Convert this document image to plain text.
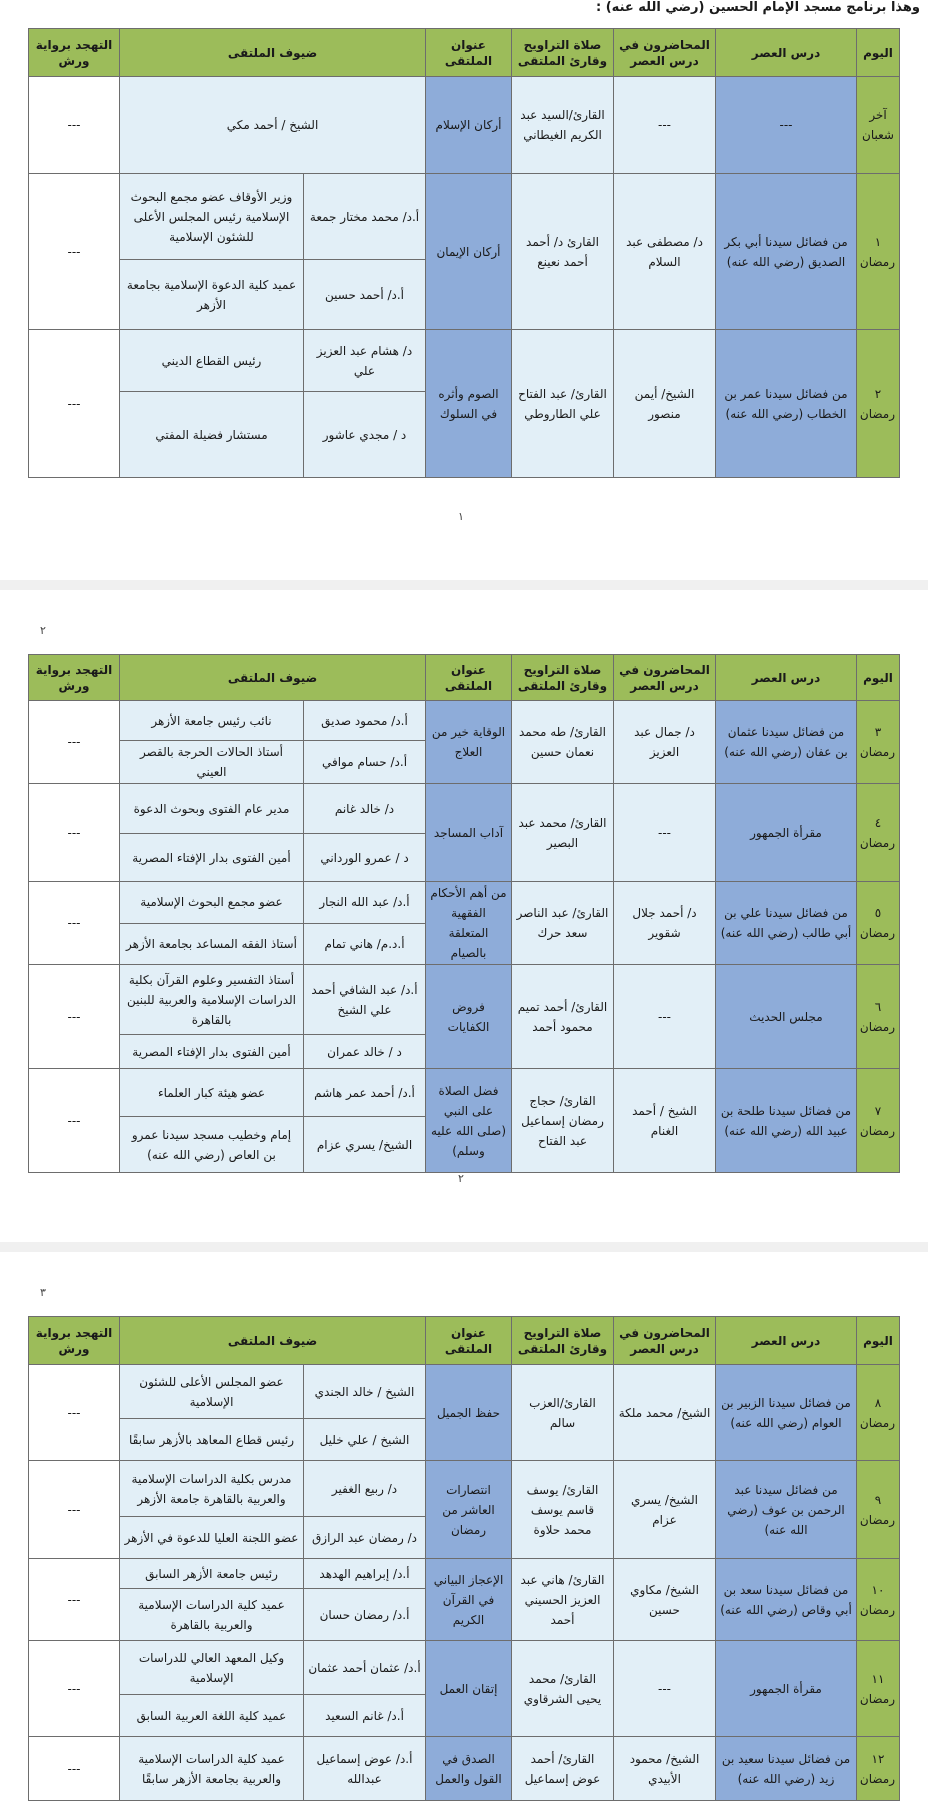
وهذا برنامج مسجد الإمام الحسين (رضي الله عنه) :
اليوم	درس العصر	المحاضرون في درس العصر	صلاة التراويح وقارئ الملتقى	عنوان الملتقى	ضيوف الملتقى		التهجد برواية ورش
آخر شعبان	---	---	القارئ/السيد عبد الكريم الغيطاني	أركان الإسلام	الشيخ / أحمد مكي		---
١ رمضان	من فضائل سيدنا أبي بكر الصديق (رضي الله عنه)	د/ مصطفى عبد السلام	القارئ د/ أحمد أحمد نعينع	أركان الإيمان	أ.د/ محمد مختار جمعة	وزير الأوقاف عضو مجمع البحوث الإسلامية رئيس المجلس الأعلى للشئون الإسلامية	---
					أ.د/ أحمد حسين	عميد كلية الدعوة الإسلامية بجامعة الأزهر	
٢ رمضان	من فضائل سيدنا عمر بن الخطاب (رضي الله عنه)	الشيخ/ أيمن منصور	القارئ/ عبد الفتاح علي الطاروطي	الصوم وأثره في السلوك	د/ هشام عبد العزيز علي	رئيس القطاع الديني	---
					د / مجدي عاشور	مستشار فضيلة المفتي	
١
٢
اليوم	درس العصر	المحاضرون في درس العصر	صلاة التراويح وقارئ الملتقى	عنوان الملتقى	ضيوف الملتقى		التهجد برواية ورش
٣ رمضان	من فضائل سيدنا عثمان بن عفان (رضي الله عنه)	د/ جمال عبد العزيز	القارئ/ طه محمد نعمان حسين	الوقاية خير من العلاج	أ.د/ محمود صديق	نائب رئيس جامعة الأزهر	---
					أ.د/ حسام موافي	أستاذ الحالات الحرجة بالقصر العيني	
٤ رمضان	مقرأة الجمهور	---	القارئ/ محمد عبد البصير	آداب المساجد	د/ خالد غانم	مدير عام الفتوى وبحوث الدعوة	---
					د / عمرو الورداني	أمين الفتوى بدار الإفتاء المصرية	
٥ رمضان	من فضائل سيدنا علي بن أبي طالب (رضي الله عنه)	د/ أحمد جلال شقوير	القارئ/ عبد الناصر سعد حرك	من أهم الأحكام الفقهية المتعلقة بالصيام	أ.د/ عبد الله النجار	عضو مجمع البحوث الإسلامية	---
					أ.د.م/ هاني تمام	أستاذ الفقه المساعد بجامعة الأزهر	
٦ رمضان	مجلس الحديث	---	القارئ/ أحمد تميم محمود أحمد	فروض الكفايات	أ.د/ عبد الشافي أحمد علي الشيخ	أستاذ التفسير وعلوم القرآن بكلية الدراسات الإسلامية والعربية للبنين بالقاهرة	---
					د / خالد عمران	أمين الفتوى بدار الإفتاء المصرية	
٧ رمضان	من فضائل سيدنا طلحة بن عبيد الله (رضي الله عنه)	الشيخ / أحمد الغنام	القارئ/ حجاج رمضان إسماعيل عبد الفتاح	فضل الصلاة على النبي (صلى الله عليه وسلم)	أ.د/ أحمد عمر هاشم	عضو هيئة كبار العلماء	---
					الشيخ/ يسري عزام	إمام وخطيب مسجد سيدنا عمرو بن العاص (رضي الله عنه)	
٢
٣
اليوم	درس العصر	المحاضرون في درس العصر	صلاة التراويح وقارئ الملتقى	عنوان الملتقى	ضيوف الملتقى		التهجد برواية ورش
٨ رمضان	من فضائل سيدنا الزبير بن العوام (رضي الله عنه)	الشيخ/ محمد ملكة	القارئ/العزب سالم	حفظ الجميل	الشيخ / خالد الجندي	عضو المجلس الأعلى للشئون الإسلامية	---
					الشيخ / علي خليل	رئيس قطاع المعاهد بالأزهر سابقًا	
٩ رمضان	من فضائل سيدنا عبد الرحمن بن عوف (رضي الله عنه)	الشيخ/ يسري عزام	القارئ/ يوسف قاسم يوسف محمد حلاوة	انتصارات العاشر من رمضان	د/ ربيع الغفير	مدرس بكلية الدراسات الإسلامية والعربية بالقاهرة جامعة الأزهر	---
					د/ رمضان عبد الرازق	عضو اللجنة العليا للدعوة في الأزهر	
١٠ رمضان	من فضائل سيدنا سعد بن أبي وقاص (رضي الله عنه)	الشيخ/ مكاوي حسين	القارئ/ هاني عبد العزيز الحسيني أحمد	الإعجاز البياني في القرآن الكريم	أ.د/ إبراهيم الهدهد	رئيس جامعة الأزهر السابق	---
					أ.د/ رمضان حسان	عميد كلية الدراسات الإسلامية والعربية بالقاهرة	
١١ رمضان	مقرأة الجمهور	---	القارئ/ محمد يحيى الشرقاوي	إتقان العمل	أ.د/ عثمان أحمد عثمان	وكيل المعهد العالي للدراسات الإسلامية	---
					أ.د/ غانم السعيد	عميد كلية اللغة العربية السابق	
١٢ رمضان	من فضائل سيدنا سعيد بن زيد (رضي الله عنه)	الشيخ/ محمود الأبيدي	القارئ/ أحمد عوض إسماعيل	الصدق في القول والعمل	أ.د/ عوض إسماعيل عبدالله	عميد كلية الدراسات الإسلامية والعربية بجامعة الأزهر سابقًا	---
